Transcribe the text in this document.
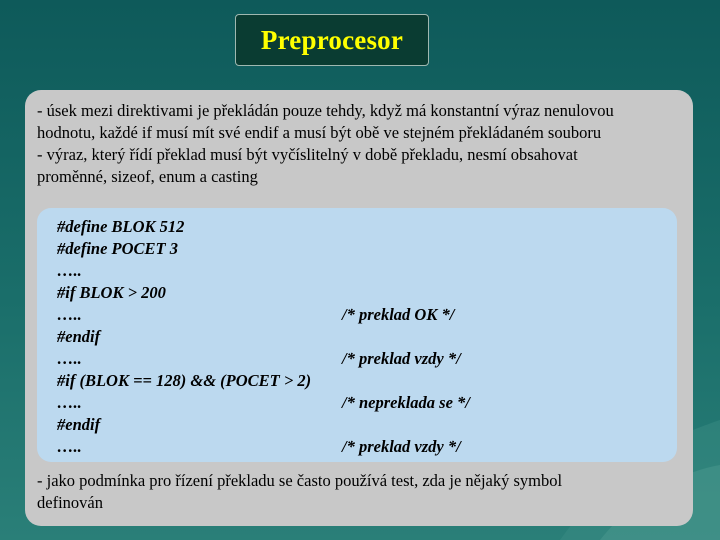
Preprocesor

- úsek mezi direktivami je překládán pouze tehdy, když má konstantní výraz nenulovou
hodnotu, každé if musí mít své endif a musí být obě ve stejném překládaném souboru
- výraz, který řídí překlad musí být vyčíslitelný v době překladu, nesmí obsahovat
proměnné, sizeof, enum a casting

#define BLOK 512
#define POCET 3
…..
#if BLOK > 200
…..	/* preklad OK */
#endif
…..	/* preklad vzdy */
#if (BLOK == 128) && (POCET > 2)
…..	/* nepreklada se */
#endif
…..	/* preklad vzdy */

- jako podmínka pro řízení překladu se často používá test, zda je nějaký symbol
definován
